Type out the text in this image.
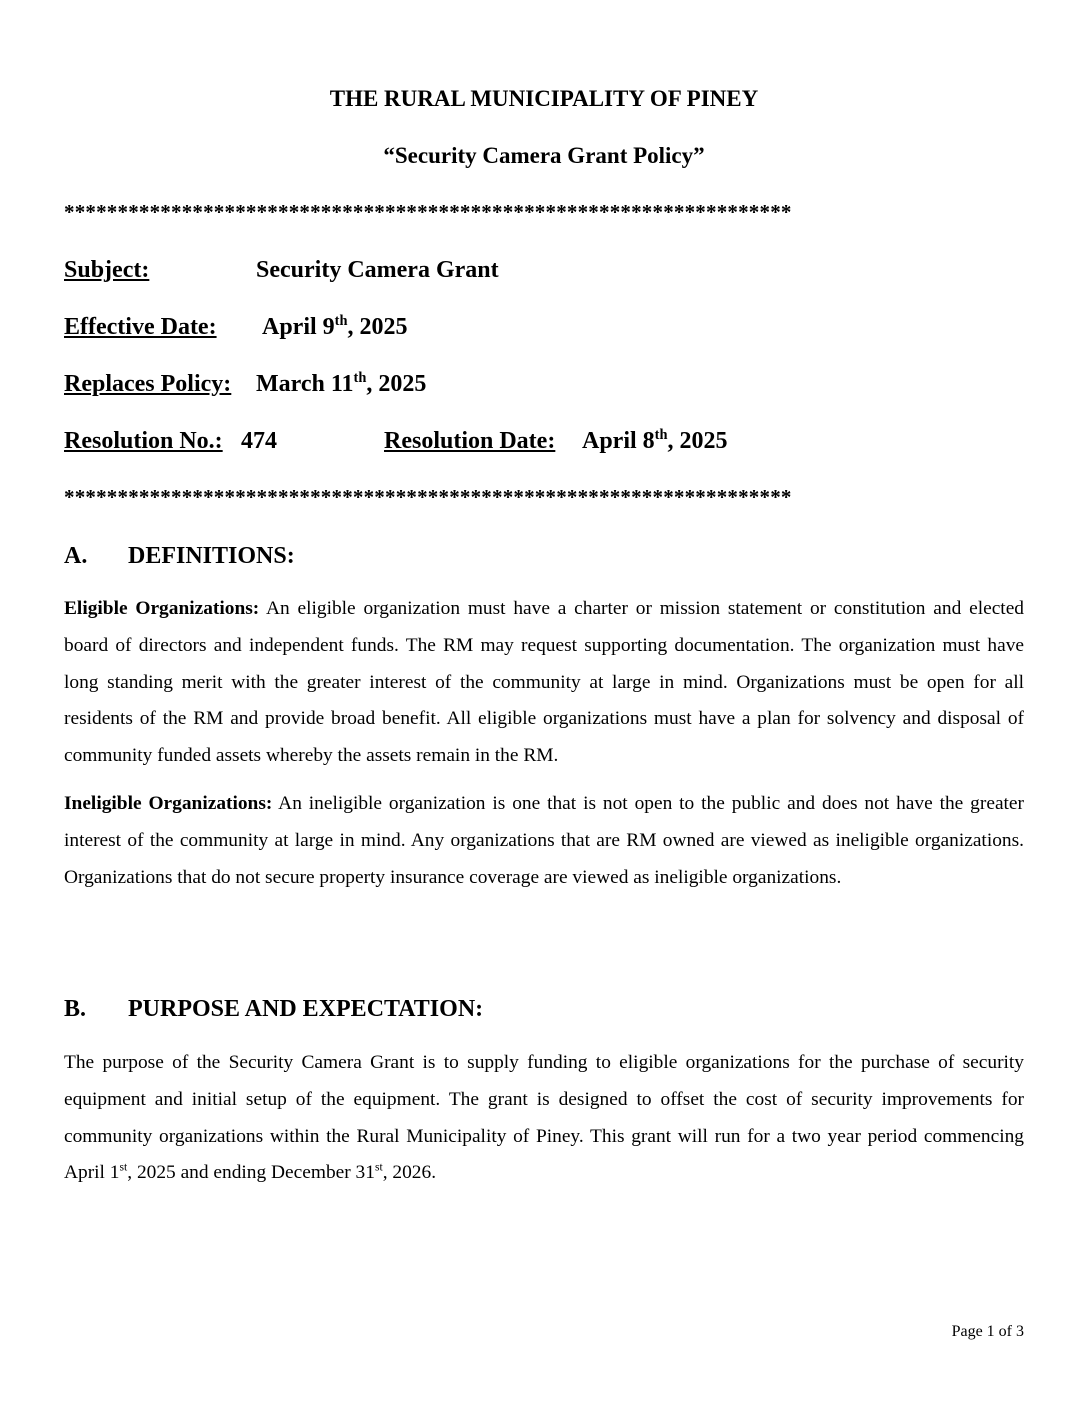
THE RURAL MUNICIPALITY OF PINEY
“Security Camera Grant Policy”
********************************************************************
Subject:	Security Camera Grant
Effective Date: April 9th, 2025
Replaces Policy: March 11th, 2025
Resolution No.: 474	Resolution Date: April 8th, 2025
********************************************************************
A. DEFINITIONS:

Eligible Organizations: An eligible organization must have a charter or mission statement or constitution and elected board of directors and independent funds. The RM may request supporting documentation. The organization must have long standing merit with the greater interest of the community at large in mind. Organizations must be open for all residents of the RM and provide broad benefit. All eligible organizations must have a plan for solvency and disposal of community funded assets whereby the assets remain in the RM.

Ineligible Organizations: An ineligible organization is one that is not open to the public and does not have the greater interest of the community at large in mind. Any organizations that are RM owned are viewed as ineligible organizations. Organizations that do not secure property insurance coverage are viewed as ineligible organizations.

B. PURPOSE AND EXPECTATION:

The purpose of the Security Camera Grant is to supply funding to eligible organizations for the purchase of security equipment and initial setup of the equipment. The grant is designed to offset the cost of security improvements for community organizations within the Rural Municipality of Piney. This grant will run for a two year period commencing April 1st, 2025 and ending December 31st, 2026.

Page 1 of 3
